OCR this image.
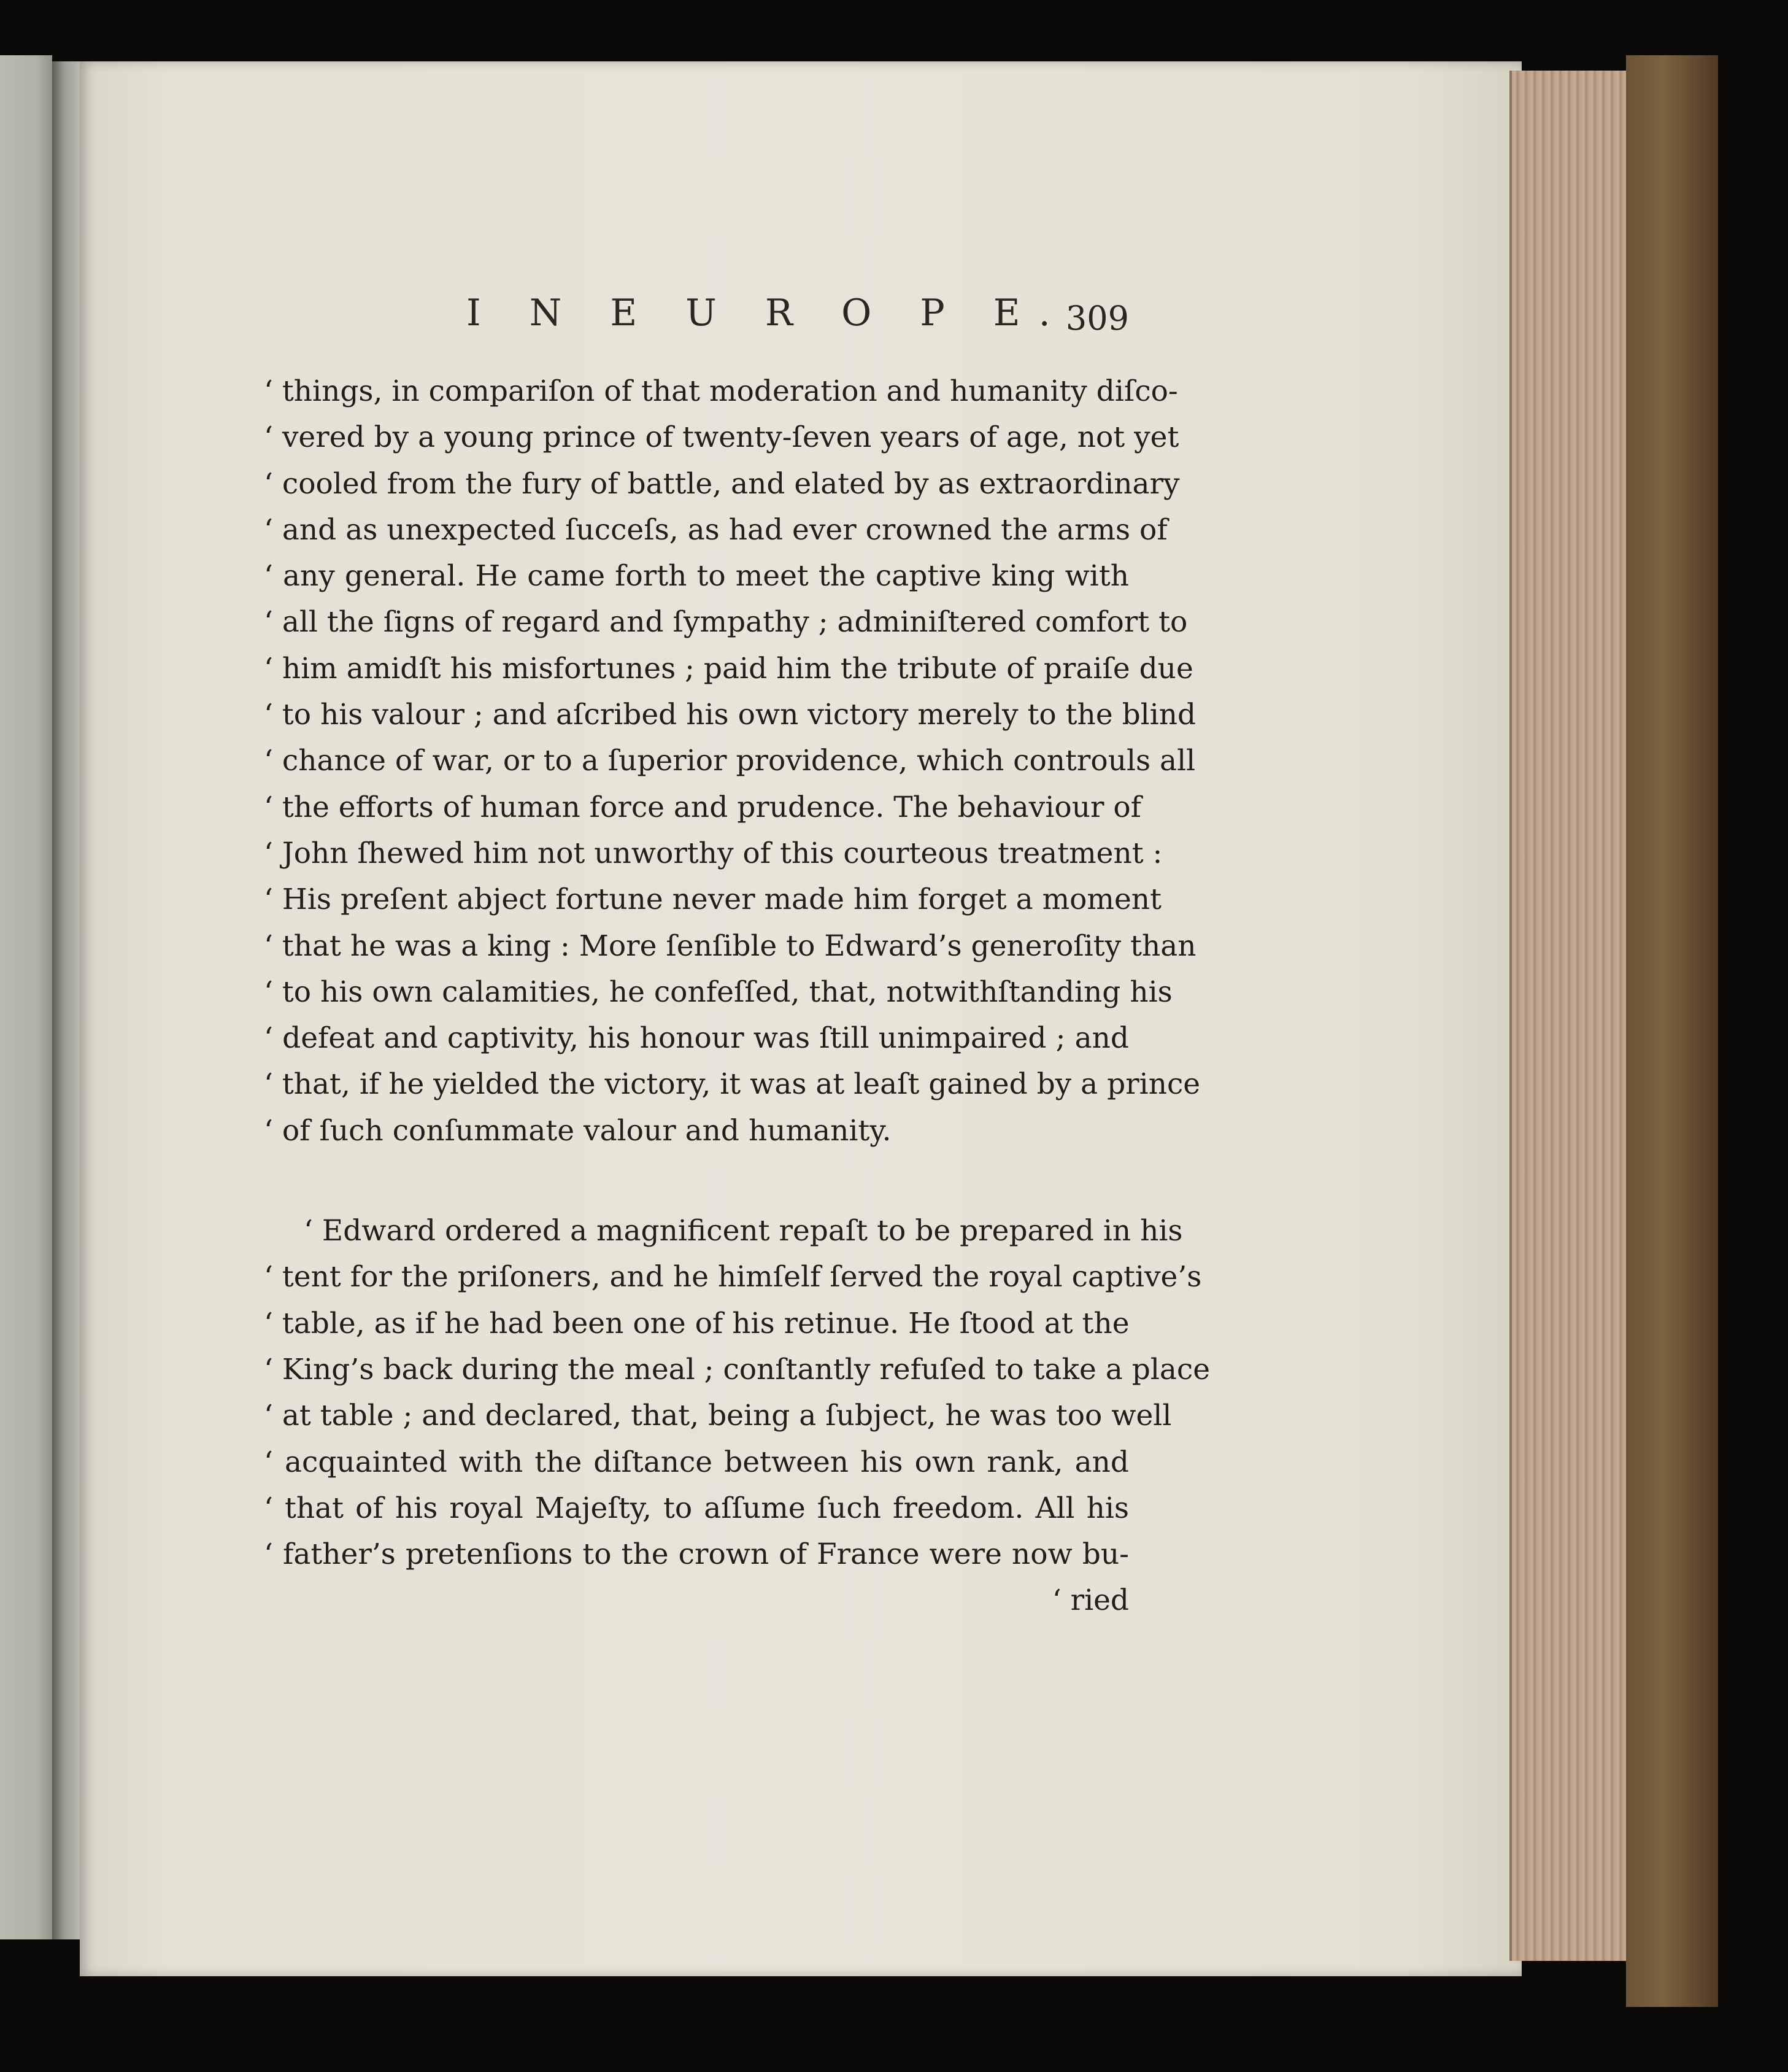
I N E U R O P E.
309
‘ things, in compariſon of that moderation and humanity diſco-
‘ vered by a young prince of twenty-ſeven years of age, not yet
‘ cooled from the fury of battle, and elated by as extraordinary
‘ and as unexpected ſucceſs, as had ever crowned the arms of
‘ any general. He came forth to meet the captive king with
‘ all the ſigns of regard and ſympathy ; adminiſtered comfort to
‘ him amidſt his misfortunes ; paid him the tribute of praiſe due
‘ to his valour ; and aſcribed his own victory merely to the blind
‘ chance of war, or to a ſuperior providence, which controuls all
‘ the efforts of human force and prudence. The behaviour of
‘ John ſhewed him not unworthy of this courteous treatment :
‘ His preſent abject fortune never made him forget a moment
‘ that he was a king : More ſenſible to Edward’s generoſity than
‘ to his own calamities, he confeſſed, that, notwithſtanding his
‘ defeat and captivity, his honour was ſtill unimpaired ; and
‘ that, if he yielded the victory, it was at leaſt gained by a prince
‘ of ſuch conſummate valour and humanity.
‘ Edward ordered a magnificent repaſt to be prepared in his
‘ tent for the priſoners, and he himſelf ſerved the royal captive’s
‘ table, as if he had been one of his retinue. He ſtood at the
‘ King’s back during the meal ; conſtantly refuſed to take a place
‘ at table ; and declared, that, being a ſubject, he was too well
‘ acquainted with the diſtance between his own rank, and
‘ that of his royal Majeſty, to aſſume ſuch freedom. All his
‘ father’s pretenſions to the crown of France were now bu-
‘ ried
